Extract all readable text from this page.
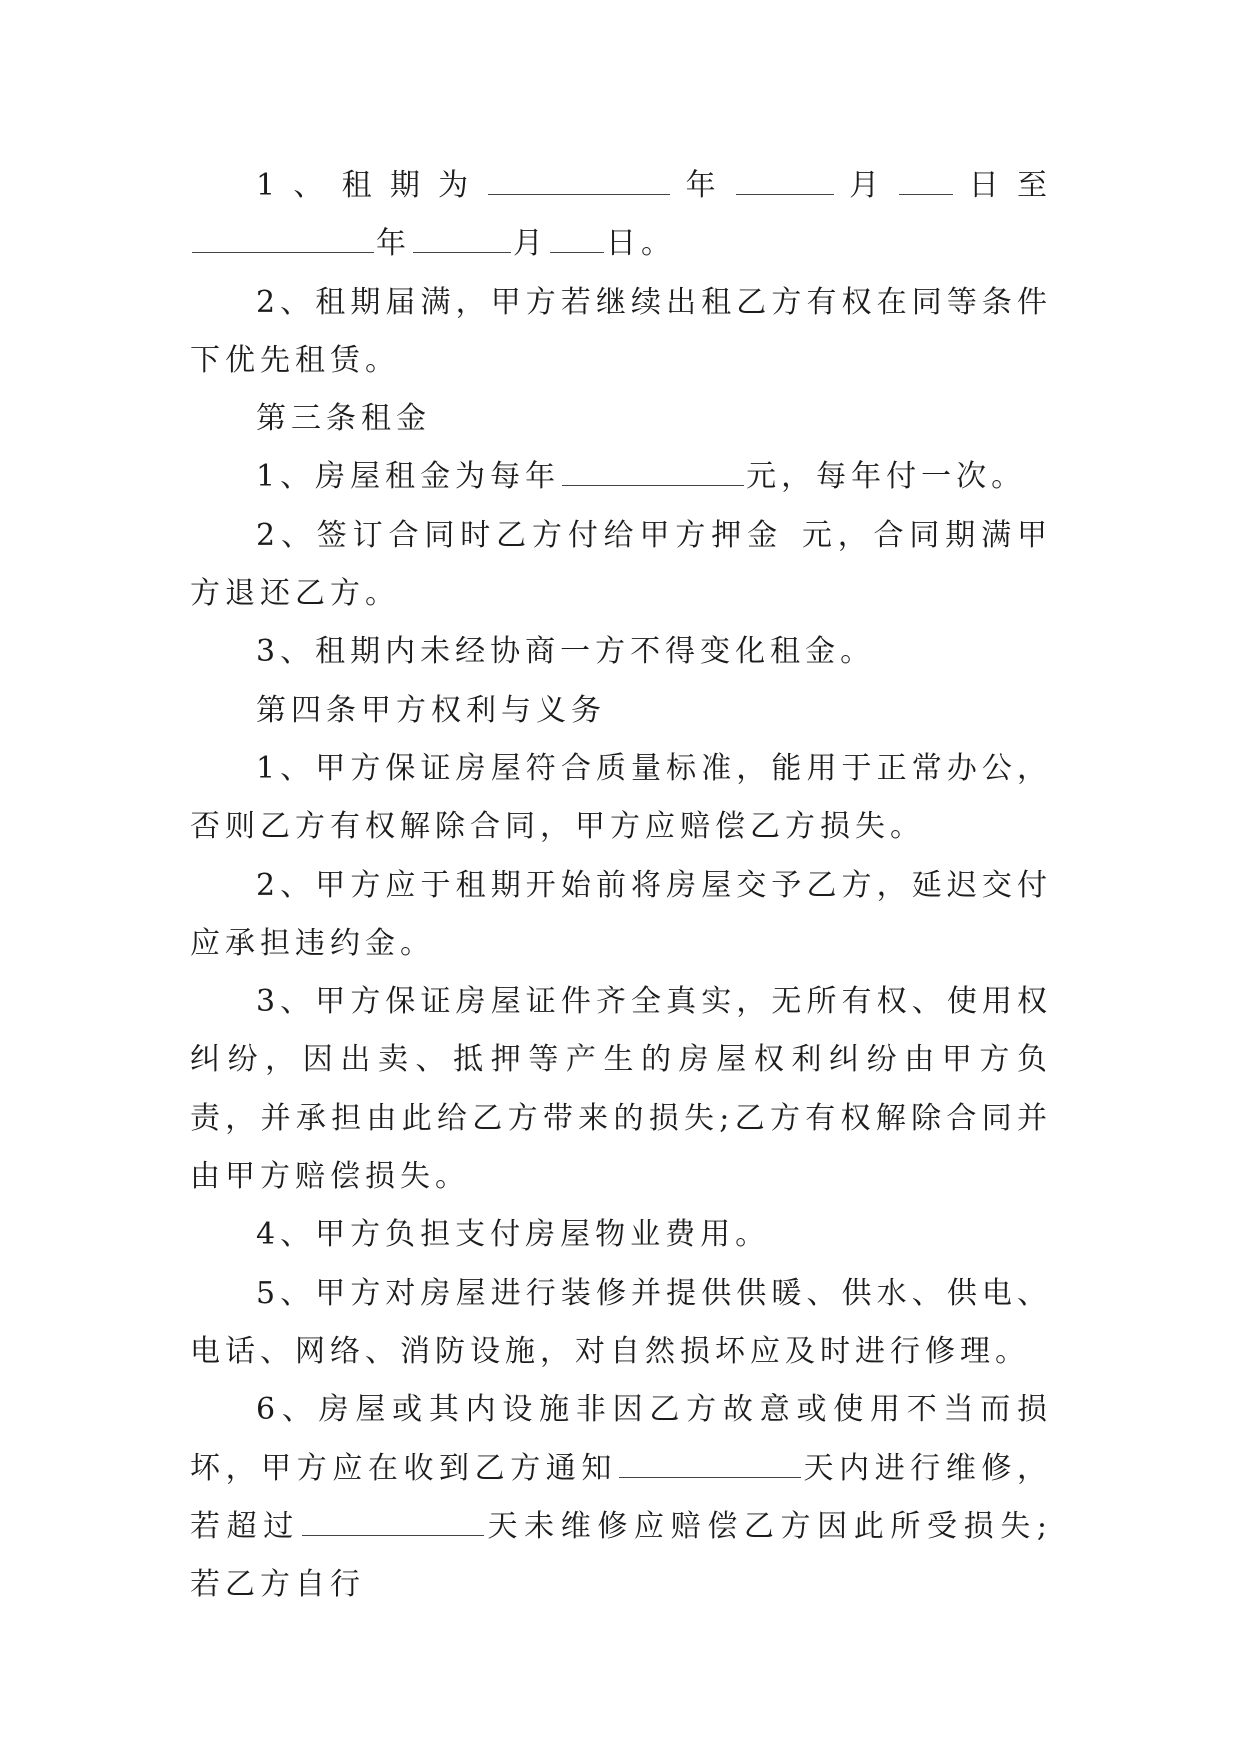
1、租期为	年	月 日至年	月 日。

2、租期届满，甲方若继续出租乙方有权在同等条件下优先租赁。

第三条租金

1、房屋租金为每年	元，每年付一次。

2、签订合同时乙方付给甲方押金 元，合同期满甲方退还乙方。

3、租期内未经协商一方不得变化租金。

第四条甲方权利与义务

1、甲方保证房屋符合质量标准，能用于正常办公，否则乙方有权解除合同，甲方应赔偿乙方损失。

2、甲方应于租期开始前将房屋交予乙方，延迟交付应承担违约金。

3、甲方保证房屋证件齐全真实，无所有权、使用权纠纷，因出卖、抵押等产生的房屋权利纠纷由甲方负责，并承担由此给乙方带来的损失;乙方有权解除合同并由甲方赔偿损失。

4、甲方负担支付房屋物业费用。

5、甲方对房屋进行装修并提供供暖、供水、供电、电话、网络、消防设施，对自然损坏应及时进行修理。

6、房屋或其内设施非因乙方故意或使用不当而损坏，甲方应在收到乙方通知	天内进行维修，若超过	天未维修应赔偿乙方因此所受损失;若乙方自行
